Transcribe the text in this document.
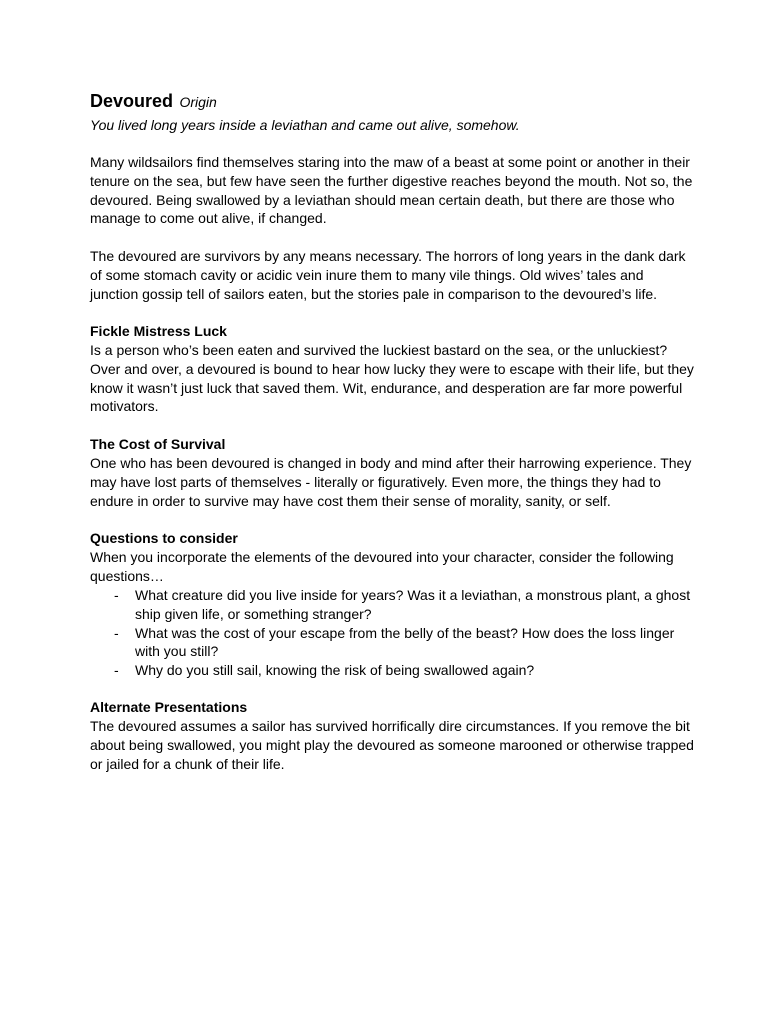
Devoured Origin
You lived long years inside a leviathan and came out alive, somehow.

Many wildsailors find themselves staring into the maw of a beast at some point or another in their tenure on the sea, but few have seen the further digestive reaches beyond the mouth. Not so, the devoured. Being swallowed by a leviathan should mean certain death, but there are those who manage to come out alive, if changed.

The devoured are survivors by any means necessary. The horrors of long years in the dank dark of some stomach cavity or acidic vein inure them to many vile things. Old wives’ tales and junction gossip tell of sailors eaten, but the stories pale in comparison to the devoured’s life.

Fickle Mistress Luck

Is a person who’s been eaten and survived the luckiest bastard on the sea, or the unluckiest? Over and over, a devoured is bound to hear how lucky they were to escape with their life, but they know it wasn’t just luck that saved them. Wit, endurance, and desperation are far more powerful motivators.

The Cost of Survival

One who has been devoured is changed in body and mind after their harrowing experience. They may have lost parts of themselves - literally or figuratively. Even more, the things they had to endure in order to survive may have cost them their sense of morality, sanity, or self.

Questions to consider

When you incorporate the elements of the devoured into your character, consider the following questions…

- What creature did you live inside for years? Was it a leviathan, a monstrous plant, a ghost ship given life, or something stranger?
- What was the cost of your escape from the belly of the beast? How does the loss linger with you still?
- Why do you still sail, knowing the risk of being swallowed again?
Alternate Presentations

The devoured assumes a sailor has survived horrifically dire circumstances. If you remove the bit about being swallowed, you might play the devoured as someone marooned or otherwise trapped or jailed for a chunk of their life.
